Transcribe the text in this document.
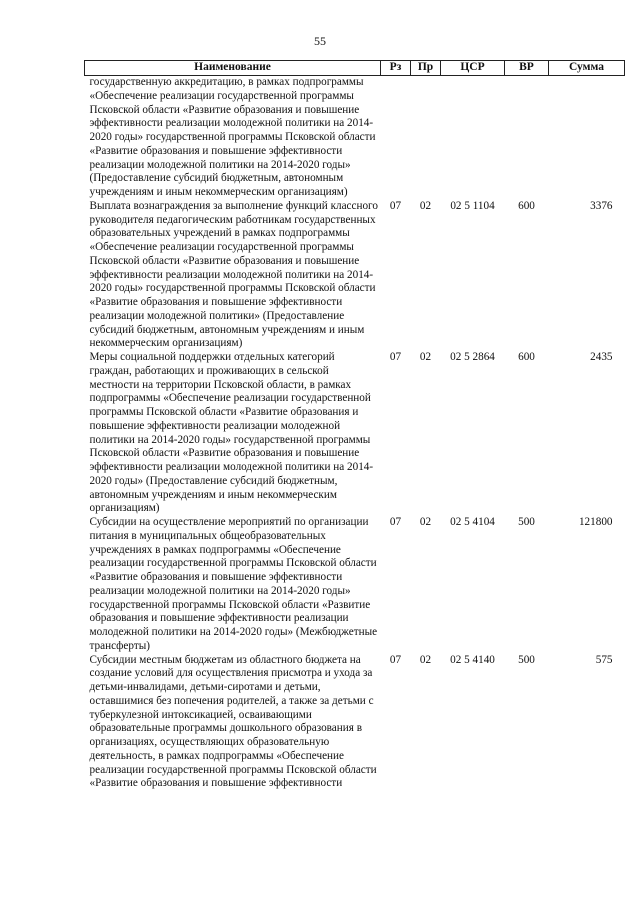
55
Наименование	Рз	Пр	ЦСР	ВР	Сумма
государственную аккредитацию, в рамках подпрограммы «Обеспечение реализации государственной программы Псковской области «Развитие образования и повышение эффективности реализации молодежной политики на 2014-2020 годы» государственной программы Псковской области «Развитие образования и повышение эффективности реализации молодежной политики на 2014-2020 годы» (Предоставление субсидий бюджетным, автономным учреждениям и иным некоммерческим организациям)					
Выплата вознаграждения за выполнение функций классного руководителя педагогическим работникам государственных образовательных учреждений в рамках подпрограммы «Обеспечение реализации государственной программы Псковской области «Развитие образования и повышение эффективности реализации молодежной политики на 2014-2020 годы» государственной программы Псковской области «Развитие образования и повышение эффективности реализации молодежной политики» (Предоставление субсидий бюджетным, автономным учреждениям и иным некоммерческим организациям)	07	02	02 5 1104	600	3376
Меры социальной поддержки отдельных категорий граждан, работающих и проживающих в сельской местности на территории Псковской области, в рамках подпрограммы «Обеспечение реализации государственной программы Псковской области «Развитие образования и повышение эффективности реализации молодежной политики на 2014-2020 годы» государственной программы Псковской области «Развитие образования и повышение эффективности реализации молодежной политики на 2014-2020 годы» (Предоставление субсидий бюджетным, автономным учреждениям и иным некоммерческим организациям)	07	02	02 5 2864	600	2435
Субсидии на осуществление мероприятий по организации питания в муниципальных общеобразовательных учреждениях в рамках подпрограммы «Обеспечение реализации государственной программы Псковской области «Развитие образования и повышение эффективности реализации молодежной политики на 2014-2020 годы» государственной программы Псковской области «Развитие образования и повышение эффективности реализации молодежной политики на 2014-2020 годы» (Межбюджетные трансферты)	07	02	02 5 4104	500	121800
Субсидии местным бюджетам из областного бюджета на создание условий для осуществления присмотра и ухода за детьми-инвалидами, детьми-сиротами и детьми, оставшимися без попечения родителей, а также за детьми с туберкулезной интоксикацией, осваивающими образовательные программы дошкольного образования в организациях, осуществляющих образовательную деятельность, в рамках подпрограммы «Обеспечение реализации государственной программы Псковской области «Развитие образования и повышение эффективности	07	02	02 5 4140	500	575
